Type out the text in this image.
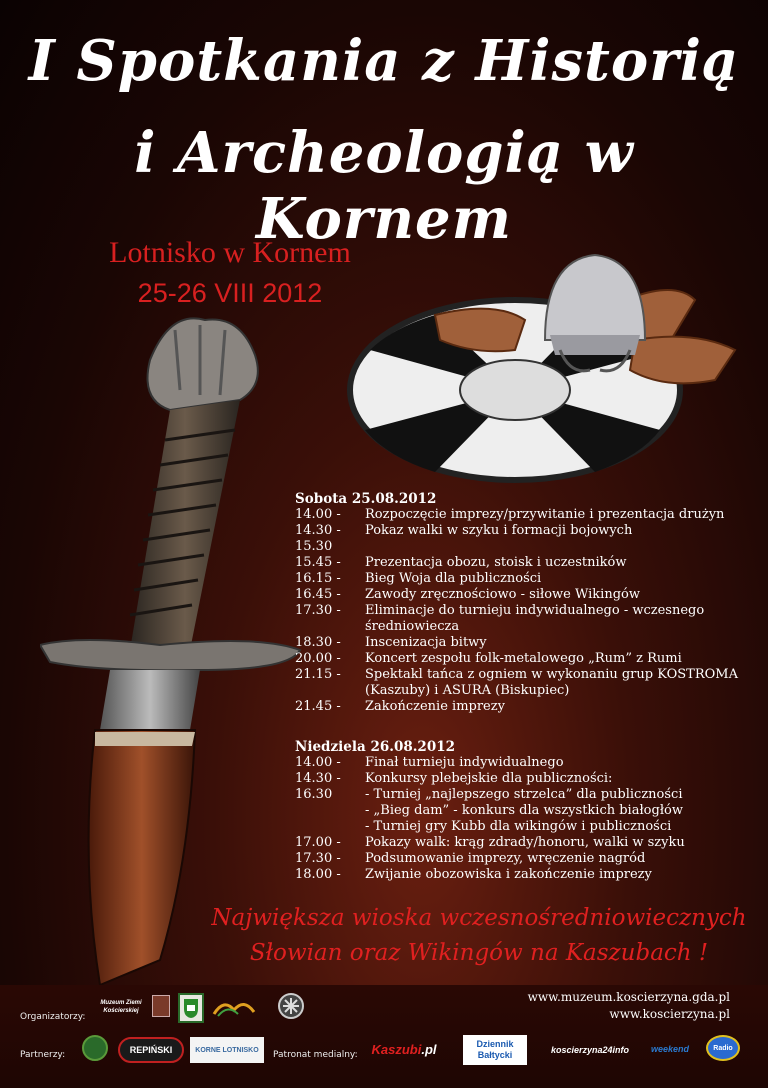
I Spotkania z Historią
i Archeologią w Kornem
Lotnisko w Kornem
25-26 VIII 2012
Sobota 25.08.2012
14.00 -	Rozpoczęcie imprezy/przywitanie i prezentacja drużyn
14.30 -	Pokaz walki w szyku i formacji bojowych
15.30
15.45 -	Prezentacja obozu, stoisk i uczestników
16.15 -	Bieg Woja dla publiczności
16.45 -	Zawody zręcznościowo - siłowe Wikingów
17.30 -	Eliminacje do turnieju indywidualnego - wczesnego średniowiecza
18.30 -	Inscenizacja bitwy
20.00 -	Koncert zespołu folk-metalowego „Rum” z Rumi
21.15 -	Spektakl tańca z ogniem w wykonaniu grup KOSTROMA (Kaszuby) i ASURA (Biskupiec)
21.45 -	Zakończenie imprezy
Niedziela 26.08.2012
14.00 -	Finał turnieju indywidualnego
14.30 -	Konkursy plebejskie dla publiczności:
16.30	- Turniej „najlepszego strzelca” dla publiczności
- „Bieg dam” - konkurs dla wszystkich białogłów
- Turniej gry Kubb dla wikingów i publiczności
17.00 -	Pokazy walk: krąg zdrady/honoru, walki w szyku
17.30 -	Podsumowanie imprezy, wręczenie nagród
18.00 -	Zwijanie obozowiska i zakończenie imprezy
Największa wioska wczesnośredniowiecznych
Słowian oraz Wikingów na Kaszubach !
Organizatorzy:
Partnerzy:	Patronat medialny:
www.muzeum.koscierzyna.gda.pl
www.koscierzyna.pl
Muzeum Ziemi Kościerskiej
REPIŃSKI	KORNE LOTNISKO	Kaszubi .pl	Dziennik
Bałtycki	koscierzyna24info	weekend	Radio
